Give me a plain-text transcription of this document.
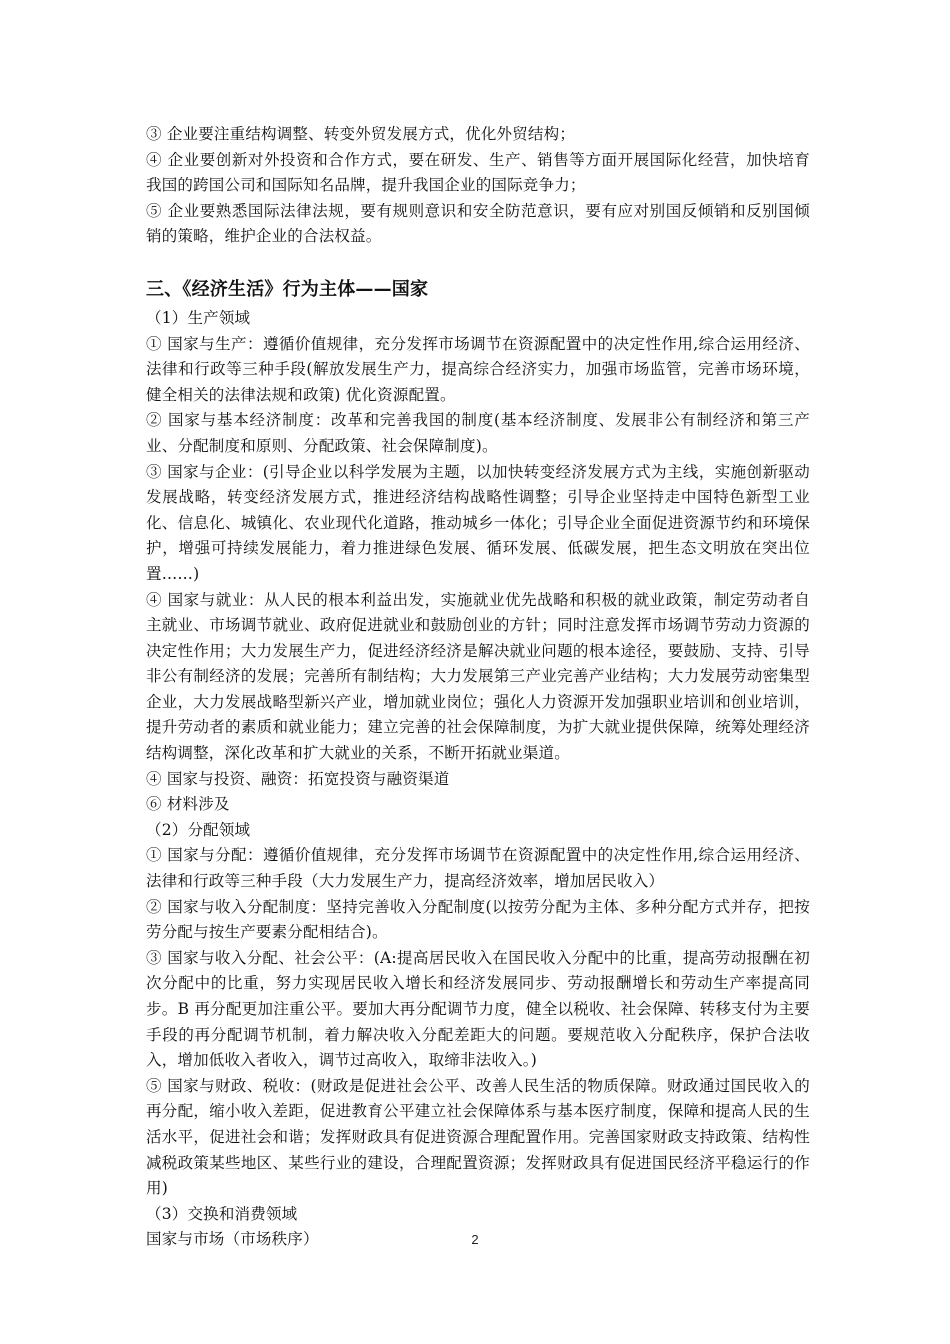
③ 企业要注重结构调整、转变外贸发展方式，优化外贸结构；

④ 企业要创新对外投资和合作方式，要在研发、生产、销售等方面开展国际化经营，加快培育我国的跨国公司和国际知名品牌，提升我国企业的国际竞争力；

⑤ 企业要熟悉国际法律法规，要有规则意识和安全防范意识，要有应对别国反倾销和反别国倾销的策略，维护企业的合法权益。

三、《经济生活》行为主体——国家

（1）生产领域

① 国家与生产：遵循价值规律，充分发挥市场调节在资源配置中的决定性作用,综合运用经济、法律和行政等三种手段(解放发展生产力，提高综合经济实力，加强市场监管，完善市场环境，健全相关的法律法规和政策) 优化资源配置。

② 国家与基本经济制度：改革和完善我国的制度(基本经济制度、发展非公有制经济和第三产业、分配制度和原则、分配政策、社会保障制度)。

③ 国家与企业：(引导企业以科学发展为主题，以加快转变经济发展方式为主线，实施创新驱动发展战略，转变经济发展方式，推进经济结构战略性调整；引导企业坚持走中国特色新型工业化、信息化、城镇化、农业现代化道路，推动城乡一体化；引导企业全面促进资源节约和环境保护，增强可持续发展能力，着力推进绿色发展、循环发展、低碳发展，把生态文明放在突出位置……)

④ 国家与就业：从人民的根本利益出发，实施就业优先战略和积极的就业政策，制定劳动者自主就业、市场调节就业、政府促进就业和鼓励创业的方针；同时注意发挥市场调节劳动力资源的决定性作用；大力发展生产力，促进经济经济是解决就业问题的根本途径，要鼓励、支持、引导非公有制经济的发展；完善所有制结构；大力发展第三产业完善产业结构；大力发展劳动密集型企业，大力发展战略型新兴产业，增加就业岗位；强化人力资源开发加强职业培训和创业培训，提升劳动者的素质和就业能力；建立完善的社会保障制度，为扩大就业提供保障，统筹处理经济结构调整，深化改革和扩大就业的关系，不断开拓就业渠道。

④ 国家与投资、融资：拓宽投资与融资渠道

⑥ 材料涉及

（2）分配领域

① 国家与分配：遵循价值规律，充分发挥市场调节在资源配置中的决定性作用,综合运用经济、法律和行政等三种手段（大力发展生产力，提高经济效率，增加居民收入）

② 国家与收入分配制度：坚持完善收入分配制度(以按劳分配为主体、多种分配方式并存，把按劳分配与按生产要素分配相结合)。

③ 国家与收入分配、社会公平：(A:提高居民收入在国民收入分配中的比重，提高劳动报酬在初次分配中的比重，努力实现居民收入增长和经济发展同步、劳动报酬增长和劳动生产率提高同步。B 再分配更加注重公平。要加大再分配调节力度，健全以税收、社会保障、转移支付为主要手段的再分配调节机制，着力解决收入分配差距大的问题。要规范收入分配秩序，保护合法收入，增加低收入者收入，调节过高收入，取缔非法收入。)

⑤ 国家与财政、税收：(财政是促进社会公平、改善人民生活的物质保障。财政通过国民收入的再分配，缩小收入差距，促进教育公平建立社会保障体系与基本医疗制度，保障和提高人民的生活水平，促进社会和谐；发挥财政具有促进资源合理配置作用。完善国家财政支持政策、结构性减税政策某些地区、某些行业的建设，合理配置资源；发挥财政具有促进国民经济平稳运行的作用)

（3）交换和消费领域

国家与市场（市场秩序）	2
